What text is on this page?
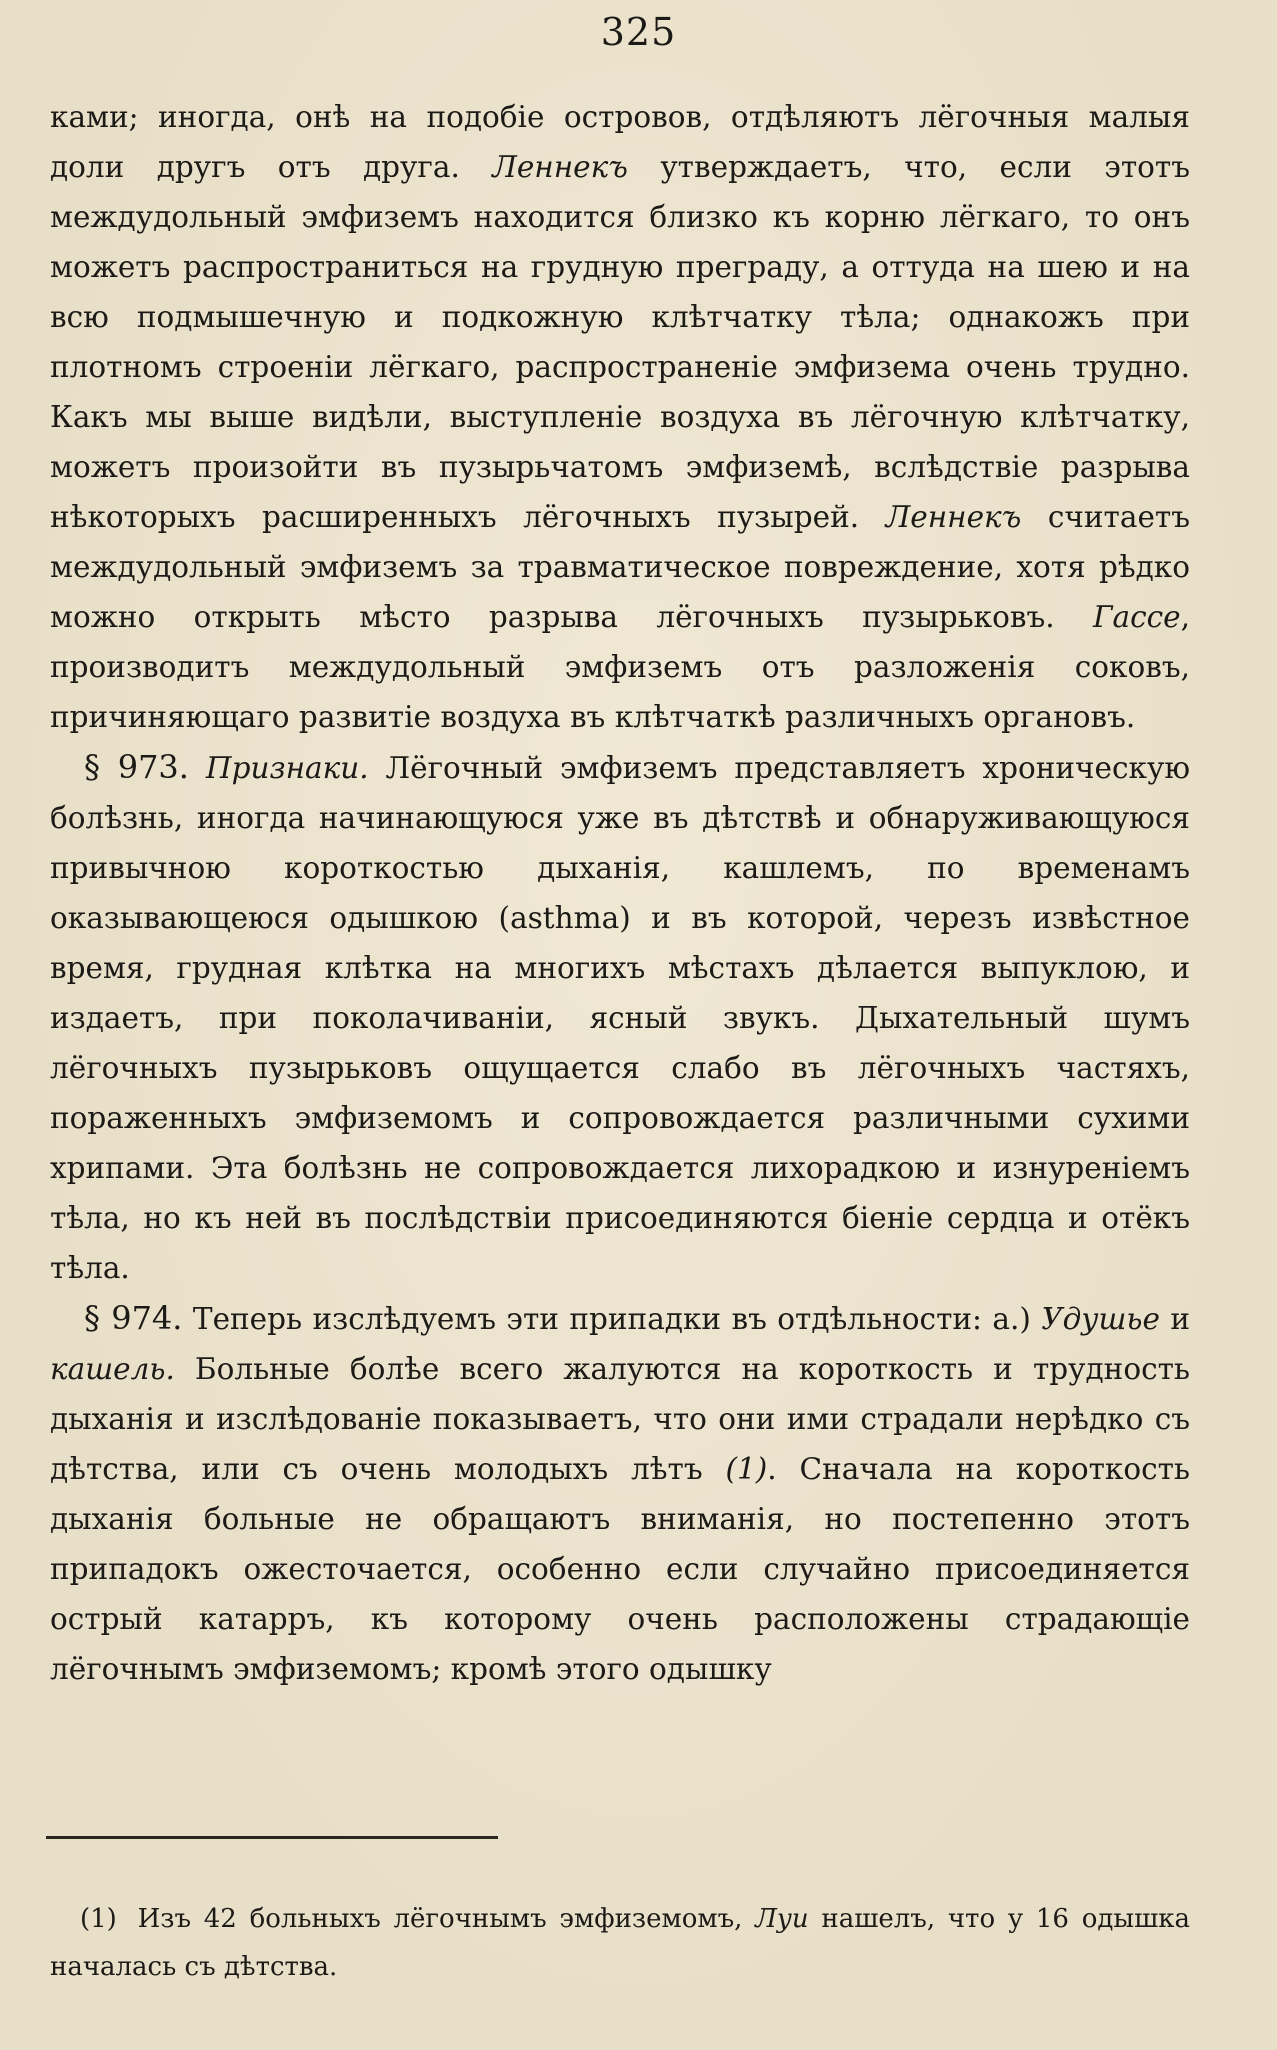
325

ками; иногда, онѣ на подобіе островов, отдѣляютъ лёгочныя малыя доли другъ отъ друга. Леннекъ утверждаетъ, что, если этотъ междудольный эмфиземъ находится близко къ корню лёгкаго, то онъ можетъ распространиться на грудную преграду, а оттуда на шею и на всю подмышечную и подкожную клѣтчатку тѣла; однакожъ при плотномъ строеніи лёгкаго, распространеніе эмфизема очень трудно. Какъ мы выше видѣли, выступленіе воздуха въ лёгочную клѣтчатку, можетъ произойти въ пузырьчатомъ эмфиземѣ, вслѣдствіе разрыва нѣкоторыхъ расширенныхъ лёгочныхъ пузырей. Леннекъ считаетъ междудольный эмфиземъ за травматическое повреждение, хотя рѣдко можно открыть мѣсто разрыва лёгочныхъ пузырьковъ. Гассе, производитъ междудольный эмфиземъ отъ разложенія соковъ, причиняющаго развитіе воздуха въ клѣтчаткѣ различныхъ органовъ.

§ 973. Признаки. Лёгочный эмфиземъ представляетъ хроническую болѣзнь, иногда начинающуюся уже въ дѣтствѣ и обнаруживающуюся привычною короткостью дыханія, кашлемъ, по временамъ оказывающеюся одышкою (asthma) и въ которой, черезъ извѣстное время, грудная клѣтка на многихъ мѣстахъ дѣлается выпуклою, и издаетъ, при поколачиваніи, ясный звукъ. Дыхательный шумъ лёгочныхъ пузырьковъ ощущается слабо въ лёгочныхъ частяхъ, пораженныхъ эмфиземомъ и сопровождается различными сухими хрипами. Эта болѣзнь не сопровождается лихорадкою и изнуреніемъ тѣла, но къ ней въ послѣдствіи присоединяются біеніе сердца и отёкъ тѣла.

§ 974. Теперь изслѣдуемъ эти припадки въ отдѣльности: а.) Удушье и кашель. Больные болѣе всего жалуются на короткость и трудность дыханія и изслѣдованіе показываетъ, что они ими страдали нерѣдко съ дѣтства, или съ очень молодыхъ лѣтъ (1). Сначала на короткость дыханія больные не обращаютъ вниманія, но постепенно этотъ припадокъ ожесточается, особенно если случайно присоединяется острый катарръ, къ которому очень расположены страдающіе лёгочнымъ эмфиземомъ; кромѣ этого одышку

(1) Изъ 42 больныхъ лёгочнымъ эмфиземомъ, Луи нашелъ, что у 16 одышка началась съ дѣтства.
